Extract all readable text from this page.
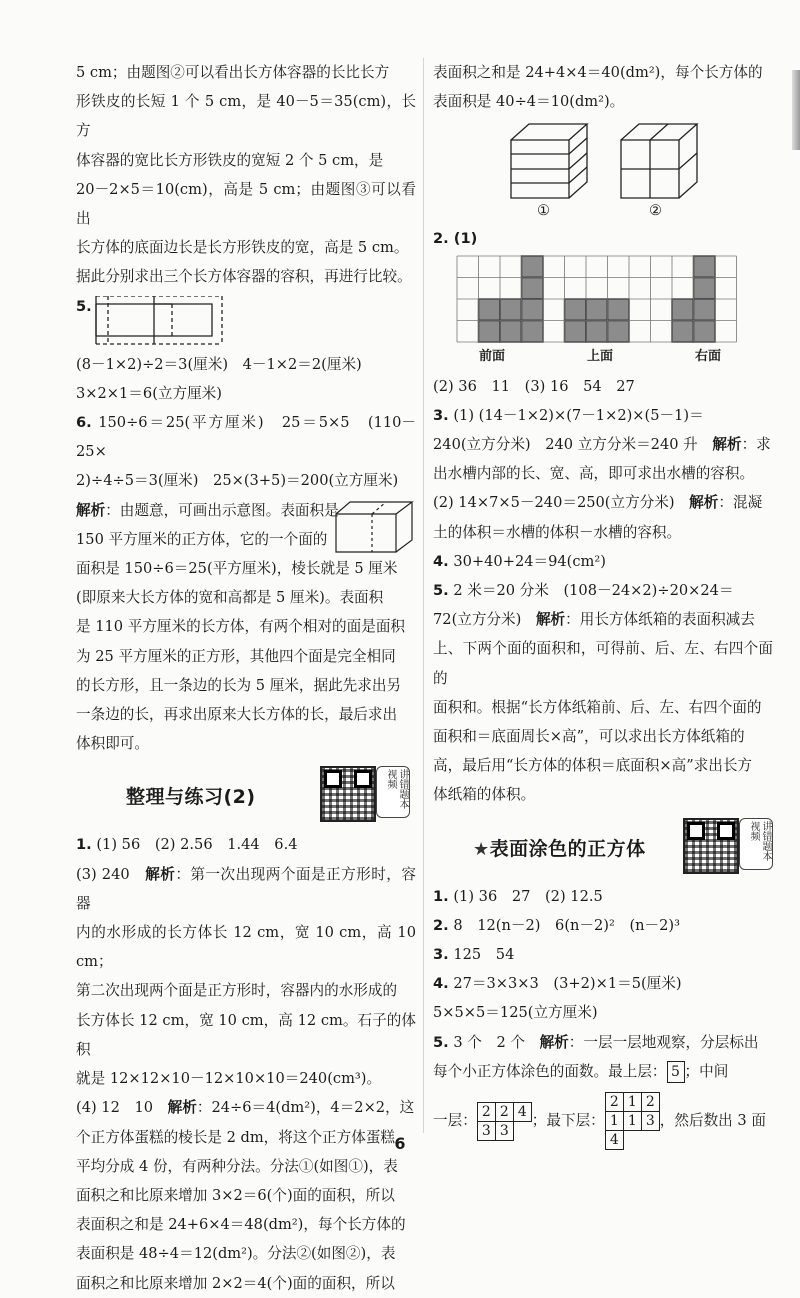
5 cm；由题图②可以看出长方体容器的长比长方

形铁皮的长短 1 个 5 cm，是 40－5＝35(cm)，长方

体容器的宽比长方形铁皮的宽短 2 个 5 cm，是

20－2×5＝10(cm)，高是 5 cm；由题图③可以看出

长方体的底面边长是长方形铁皮的宽，高是 5 cm。

据此分别求出三个长方体容器的容积，再进行比较。

5.

(8－1×2)÷2＝3(厘米)　4－1×2＝2(厘米)

3×2×1＝6(立方厘米)

6. 150÷6＝25(平方厘米)　25＝5×5　(110－25×

2)÷4÷5＝3(厘米)　25×(3+5)＝200(立方厘米)

解析：由题意，可画出示意图。表面积是

150 平方厘米的正方体，它的一个面的

面积是 150÷6＝25(平方厘米)，棱长就是 5 厘米

(即原来大长方体的宽和高都是 5 厘米)。表面积

是 110 平方厘米的长方体，有两个相对的面是面积

为 25 平方厘米的正方形，其他四个面是完全相同

的长方形，且一条边的长为 5 厘米，据此先求出另

一条边的长，再求出原来大长方体的长，最后求出

体积即可。

整理与练习(2)	讲错题本视频

1. (1) 56　(2) 2.56　1.44　6.4

(3) 240　解析：第一次出现两个面是正方形时，容器

内的水形成的长方体长 12 cm，宽 10 cm，高 10 cm；

第二次出现两个面是正方形时，容器内的水形成的

长方体长 12 cm，宽 10 cm，高 12 cm。石子的体积

就是 12×12×10－12×10×10＝240(cm³)。

(4) 12　10　解析：24÷6＝4(dm²)，4＝2×2，这

个正方体蛋糕的棱长是 2 dm，将这个正方体蛋糕

平均分成 4 份，有两种分法。分法①(如图①)，表

面积之和比原来增加 3×2＝6(个)面的面积，所以

表面积之和是 24+6×4＝48(dm²)，每个长方体的

表面积是 48÷4＝12(dm²)。分法②(如图②)，表

面积之和比原来增加 2×2＝4(个)面的面积，所以

表面积之和是 24+4×4＝40(dm²)，每个长方体的

表面积是 40÷4＝10(dm²)。

①	②

2. (1)

前面	上面	右面

(2) 36　11　(3) 16　54　27

3. (1) (14－1×2)×(7－1×2)×(5－1)＝

240(立方分米)　240 立方分米＝240 升　解析：求

出水槽内部的长、宽、高，即可求出水槽的容积。

(2) 14×7×5－240＝250(立方分米)　解析：混凝

土的体积＝水槽的体积－水槽的容积。

4. 30+40+24＝94(cm²)

5. 2 米＝20 分米　(108－24×2)÷20×24＝

72(立方分米)　解析：用长方体纸箱的表面积减去

上、下两个面的面积和，可得前、后、左、右四个面的

面积和。根据“长方体纸箱前、后、左、右四个面的

面积和＝底面周长×高”，可以求出长方体纸箱的

高，最后用“长方体的体积＝底面积×高”求出长方

体纸箱的体积。

★表面涂色的正方体	讲错题本视频

1. (1) 36　27　(2) 12.5

2. 8　12(n－2)　6(n－2)²　(n－2)³

3. 125　54

4. 27＝3×3×3　(3+2)×1＝5(厘米)

5×5×5＝125(立方厘米)

5. 3 个　2 个　解析：一层一层地观察，分层标出

每个小正方体涂色的面数。最上层： 5 ；中间

一层：2	2	4
3	3	；最下层：2	1	2
1	1	3
4		，然后数出 3 面
6
